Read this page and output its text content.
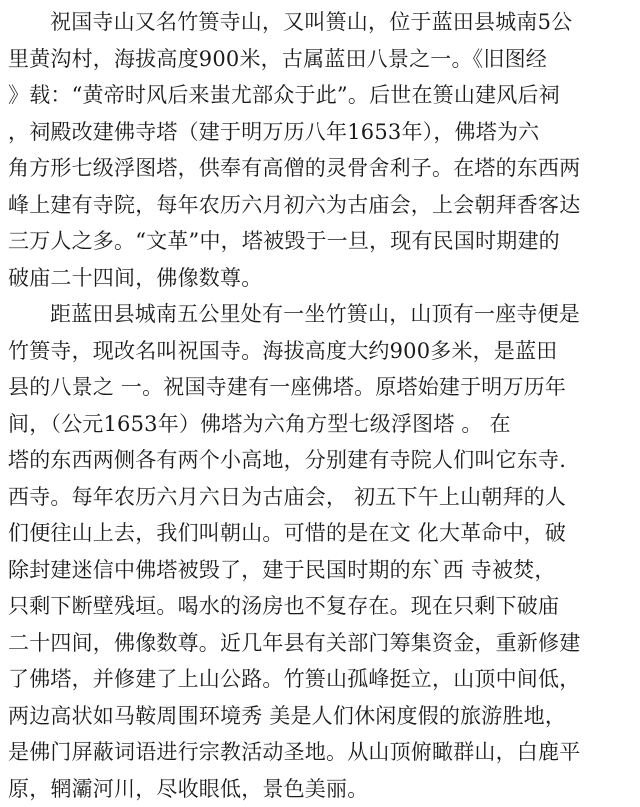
祝国寺山又名竹篑寺山，又叫篑山，位于蓝田县城南5公
里黄沟村，海拔高度900米，古属蓝田八景之一。《旧图经
》载：“黄帝时风后来蚩尤部众于此”。后世在篑山建风后祠
，祠殿改建佛寺塔（建于明万历八年1653年），佛塔为六
角方形七级浮图塔，供奉有高僧的灵骨舍利子。在塔的东西两
峰上建有寺院，每年农历六月初六为古庙会，上会朝拜香客达
三万人之多。“文革”中，塔被毁于一旦，现有民国时期建的
破庙二十四间，佛像数尊。

距蓝田县城南五公里处有一坐竹篑山，山顶有一座寺便是
竹篑寺，现改名叫祝国寺。海拔高度大约900多米，是蓝田
县的八景之 一。祝国寺建有一座佛塔。原塔始建于明万历年
间，（公元1653年）佛塔为六角方型七级浮图塔 。 在
塔的东西两侧各有两个小高地，分别建有寺院人们叫它东寺.
西寺。每年农历六月六日为古庙会， 初五下午上山朝拜的人
们便往山上去，我们叫朝山。可惜的是在文 化大革命中，破
除封建迷信中佛塔被毁了，建于民国时期的东`西 寺被焚，
只剩下断壁残垣。喝水的汤房也不复存在。现在只剩下破庙
二十四间，佛像数尊。近几年县有关部门筹集资金，重新修建
了佛塔，并修建了上山公路。竹篑山孤峰挺立，山顶中间低，
两边高状如马鞍周围环境秀 美是人们休闲度假的旅游胜地，
是佛门屏蔽词语进行宗教活动圣地。从山顶俯瞰群山，白鹿平
原，辋灞河川，尽收眼低，景色美丽。
